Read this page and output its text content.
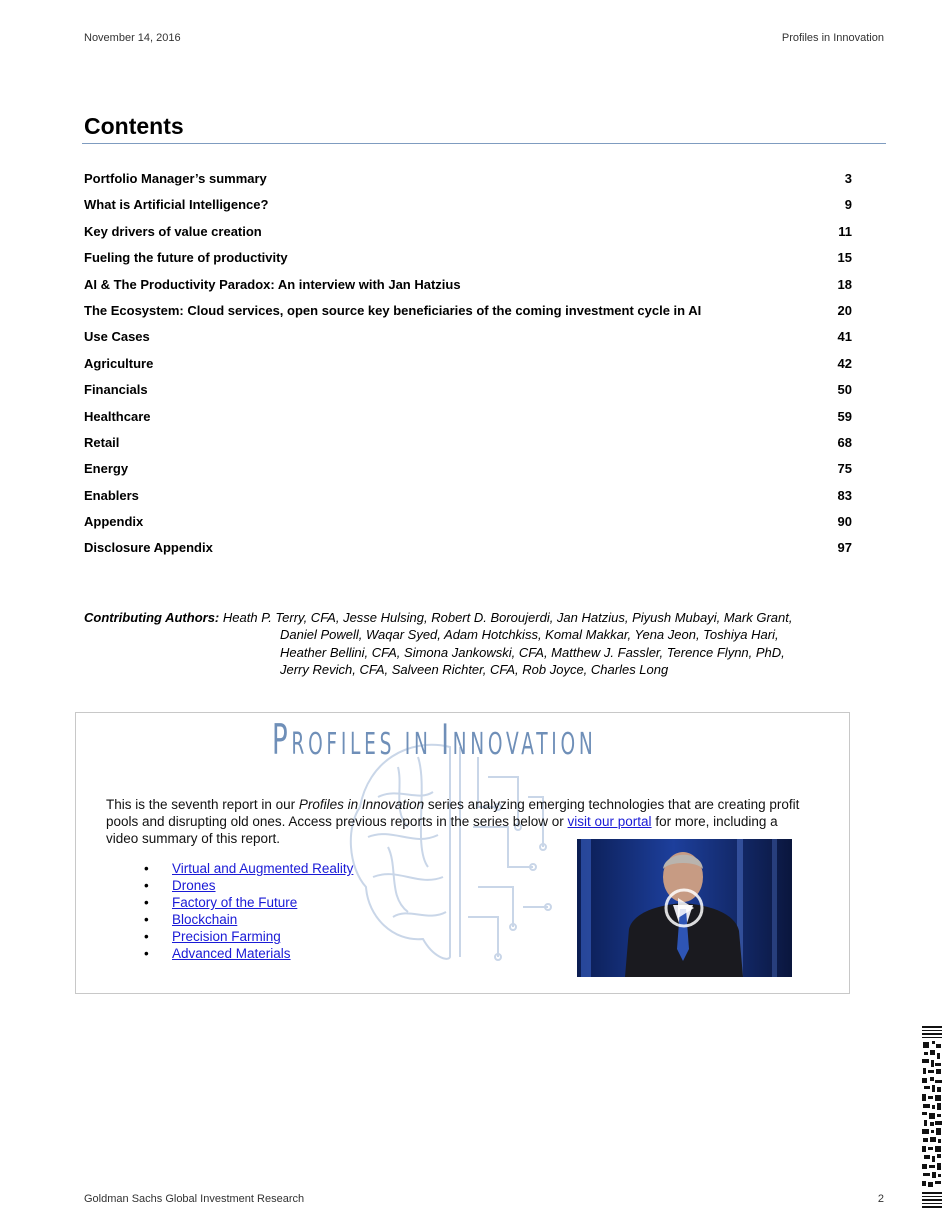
November 14, 2016	Profiles in Innovation
Contents
Portfolio Manager’s summary	3
What is Artificial Intelligence?	9
Key drivers of value creation	11
Fueling the future of productivity	15
AI & The Productivity Paradox: An interview with Jan Hatzius	18
The Ecosystem: Cloud services, open source key beneficiaries of the coming investment cycle in AI	20
Use Cases	41
Agriculture	42
Financials	50
Healthcare	59
Retail	68
Energy	75
Enablers	83
Appendix	90
Disclosure Appendix	97
Contributing Authors: Heath P. Terry, CFA, Jesse Hulsing, Robert D. Boroujerdi, Jan Hatzius, Piyush Mubayi, Mark Grant,
Daniel Powell, Waqar Syed, Adam Hotchkiss, Komal Makkar, Yena Jeon, Toshiya Hari,
Heather Bellini, CFA, Simona Jankowski, CFA, Matthew J. Fassler, Terence Flynn, PhD,
Jerry Revich, CFA, Salveen Richter, CFA, Rob Joyce, Charles Long
PROFILES IN INNOVATION
This is the seventh report in our Profiles in Innovation series analyzing emerging technologies that are creating profit pools and disrupting old ones. Access previous reports in the series below or visit our portal for more, including a video summary of this report.
• Virtual and Augmented Reality
• Drones
• Factory of the Future
• Blockchain
• Precision Farming
• Advanced Materials
Goldman Sachs Global Investment Research	2
